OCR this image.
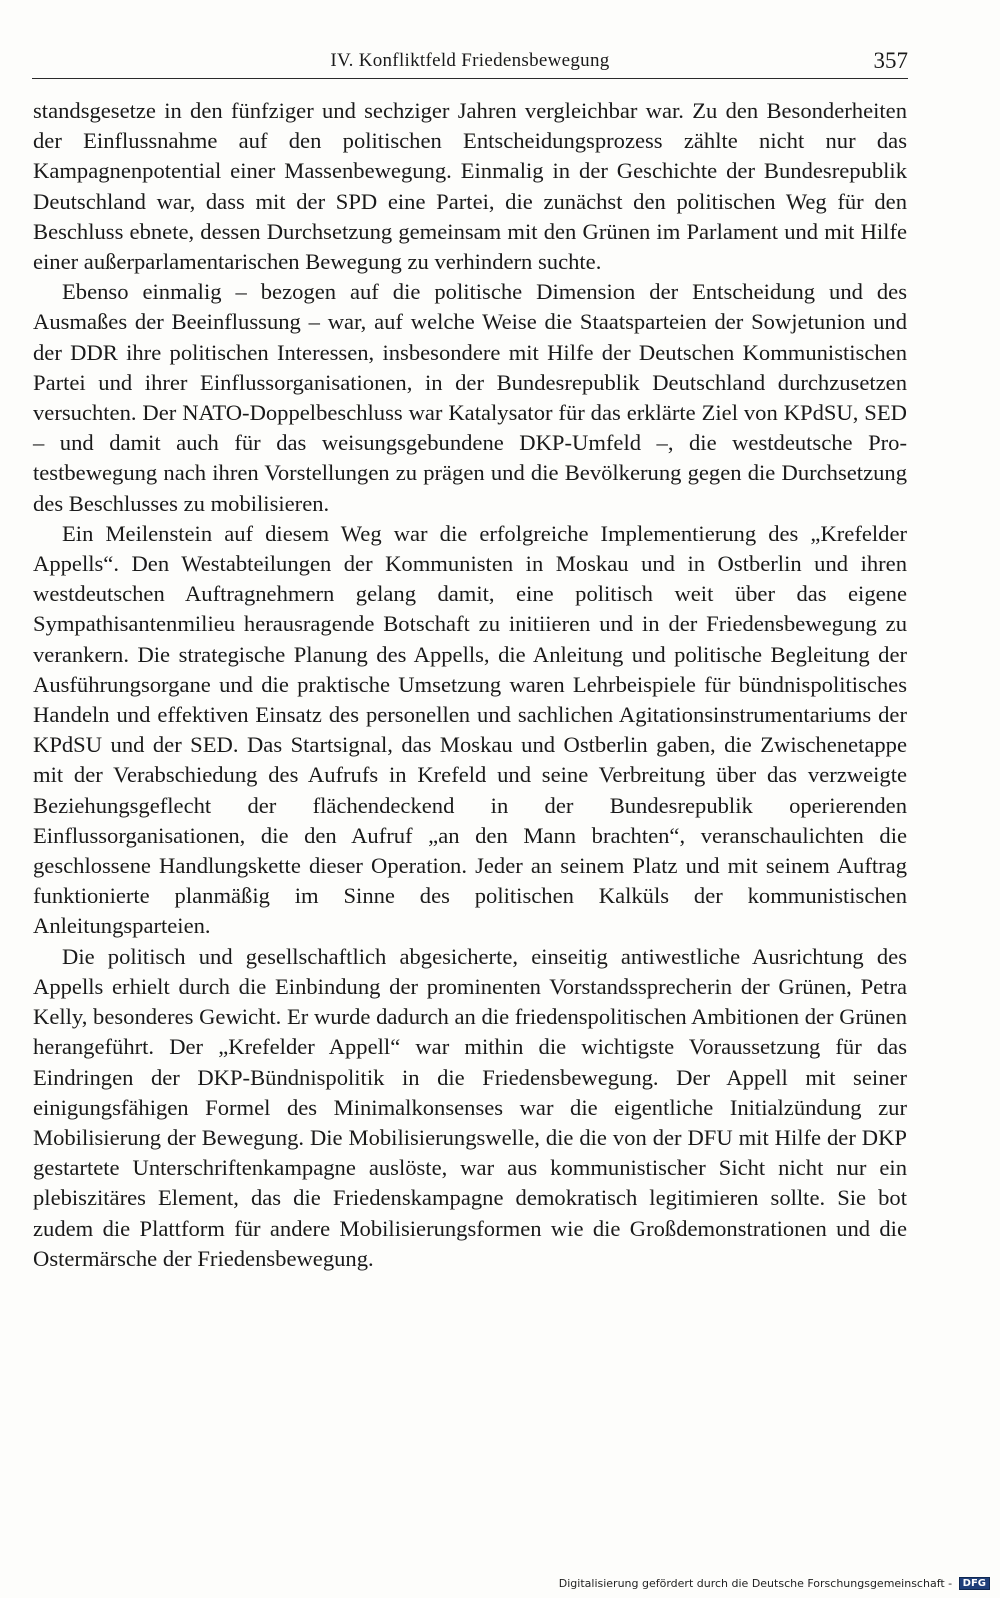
IV. Konfliktfeld Friedensbewegung	357

standsgesetze in den fünfziger und sechziger Jahren vergleichbar war. Zu den Besonderheiten der Einflussnahme auf den politischen Entscheidungsprozess zählte nicht nur das Kampagnenpotential einer Massenbewegung. Einmalig in der Geschichte der Bundesrepublik Deutschland war, dass mit der SPD eine Partei, die zunächst den politischen Weg für den Beschluss ebnete, dessen Durchsetzung gemeinsam mit den Grünen im Parlament und mit Hilfe einer außerparlamentarischen Bewegung zu verhindern suchte.

Ebenso einmalig – bezogen auf die politische Dimension der Entscheidung und des Ausmaßes der Beeinflussung – war, auf welche Weise die Staatsparteien der Sowjetunion und der DDR ihre politischen Interessen, insbesondere mit Hilfe der Deutschen Kommunistischen Partei und ihrer Einflussorganisationen, in der Bundesrepublik Deutschland durchzusetzen versuchten. Der NATO-Doppelbeschluss war Katalysator für das erklärte Ziel von KPdSU, SED – und damit auch für das weisungsgebundene DKP-Umfeld –, die westdeutsche Protestbewegung nach ihren Vorstellungen zu prägen und die Bevölkerung gegen die Durchsetzung des Beschlusses zu mobilisieren.

Ein Meilenstein auf diesem Weg war die erfolgreiche Implementierung des „Krefelder Appells“. Den Westabteilungen der Kommunisten in Moskau und in Ostberlin und ihren westdeutschen Auftragnehmern gelang damit, eine politisch weit über das eigene Sympathisantenmilieu herausragende Botschaft zu initiieren und in der Friedensbewegung zu verankern. Die strategische Planung des Appells, die Anleitung und politische Begleitung der Ausführungsorgane und die praktische Umsetzung waren Lehrbeispiele für bündnispolitisches Handeln und effektiven Einsatz des personellen und sachlichen Agitationsinstrumentariums der KPdSU und der SED. Das Startsignal, das Moskau und Ostberlin gaben, die Zwischenetappe mit der Verabschiedung des Aufrufs in Krefeld und seine Verbreitung über das verzweigte Beziehungsgeflecht der flächendeckend in der Bundesrepublik operierenden Einflussorganisationen, die den Aufruf „an den Mann brachten“, veranschaulichten die geschlossene Handlungskette dieser Operation. Jeder an seinem Platz und mit seinem Auftrag funktionierte planmäßig im Sinne des politischen Kalküls der kommunistischen Anleitungsparteien.

Die politisch und gesellschaftlich abgesicherte, einseitig antiwestliche Ausrichtung des Appells erhielt durch die Einbindung der prominenten Vorstandssprecherin der Grünen, Petra Kelly, besonderes Gewicht. Er wurde dadurch an die friedenspolitischen Ambitionen der Grünen herangeführt. Der „Krefelder Appell“ war mithin die wichtigste Voraussetzung für das Eindringen der DKP-Bündnispolitik in die Friedensbewegung. Der Appell mit seiner einigungsfähigen Formel des Minimalkonsenses war die eigentliche Initialzündung zur Mobilisierung der Bewegung. Die Mobilisierungswelle, die die von der DFU mit Hilfe der DKP gestartete Unterschriftenkampagne auslöste, war aus kommunistischer Sicht nicht nur ein plebiszitäres Element, das die Friedenskampagne demokratisch legitimieren sollte. Sie bot zudem die Plattform für andere Mobilisierungsformen wie die Großdemonstrationen und die Ostermärsche der Friedensbewegung.

Digitalisierung gefördert durch die Deutsche Forschungsgemeinschaft - DFG
